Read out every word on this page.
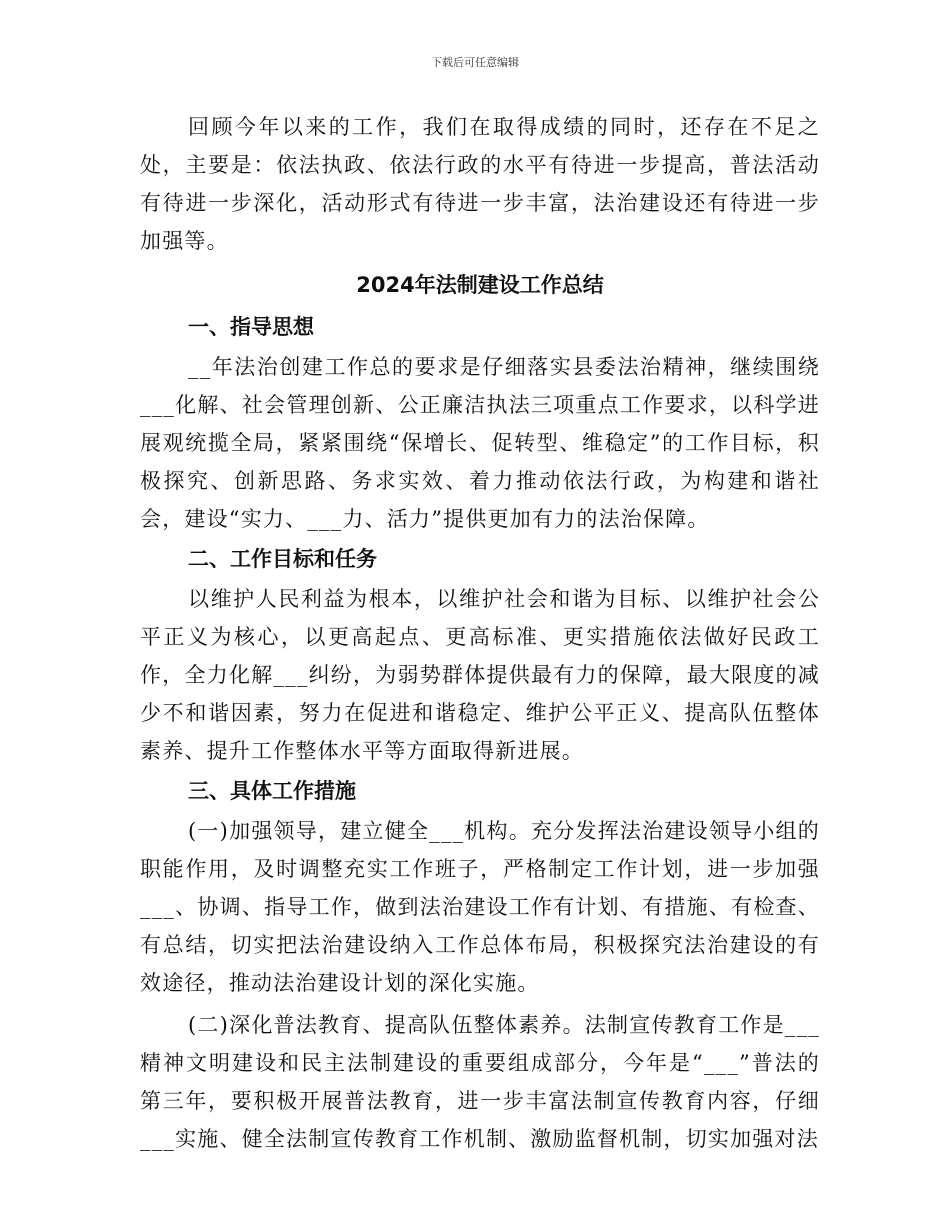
下载后可任意编辑

回顾今年以来的工作，我们在取得成绩的同时，还存在不足之处，主要是：依法执政、依法行政的水平有待进一步提高，普法活动有待进一步深化，活动形式有待进一步丰富，法治建设还有待进一步加强等。

2024年法制建设工作总结
一、指导思想

__年法治创建工作总的要求是仔细落实县委法治精神，继续围绕___化解、社会管理创新、公正廉洁执法三项重点工作要求，以科学进展观统揽全局，紧紧围绕“保增长、促转型、维稳定”的工作目标，积极探究、创新思路、务求实效、着力推动依法行政，为构建和谐社会，建设“实力、___力、活力”提供更加有力的法治保障。

二、工作目标和任务

以维护人民利益为根本，以维护社会和谐为目标、以维护社会公平正义为核心，以更高起点、更高标准、更实措施依法做好民政工作，全力化解___纠纷，为弱势群体提供最有力的保障，最大限度的减少不和谐因素，努力在促进和谐稳定、维护公平正义、提高队伍整体素养、提升工作整体水平等方面取得新进展。

三、具体工作措施

(一)加强领导，建立健全___机构。充分发挥法治建设领导小组的职能作用，及时调整充实工作班子，严格制定工作计划，进一步加强___、协调、指导工作，做到法治建设工作有计划、有措施、有检查、有总结，切实把法治建设纳入工作总体布局，积极探究法治建设的有效途径，推动法治建设计划的深化实施。

(二)深化普法教育、提高队伍整体素养。法制宣传教育工作是___精神文明建设和民主法制建设的重要组成部分，今年是“___”普法的第三年，要积极开展普法教育，进一步丰富法制宣传教育内容，仔细___实施、健全法制宣传教育工作机制、激励监督机制，切实加强对法
